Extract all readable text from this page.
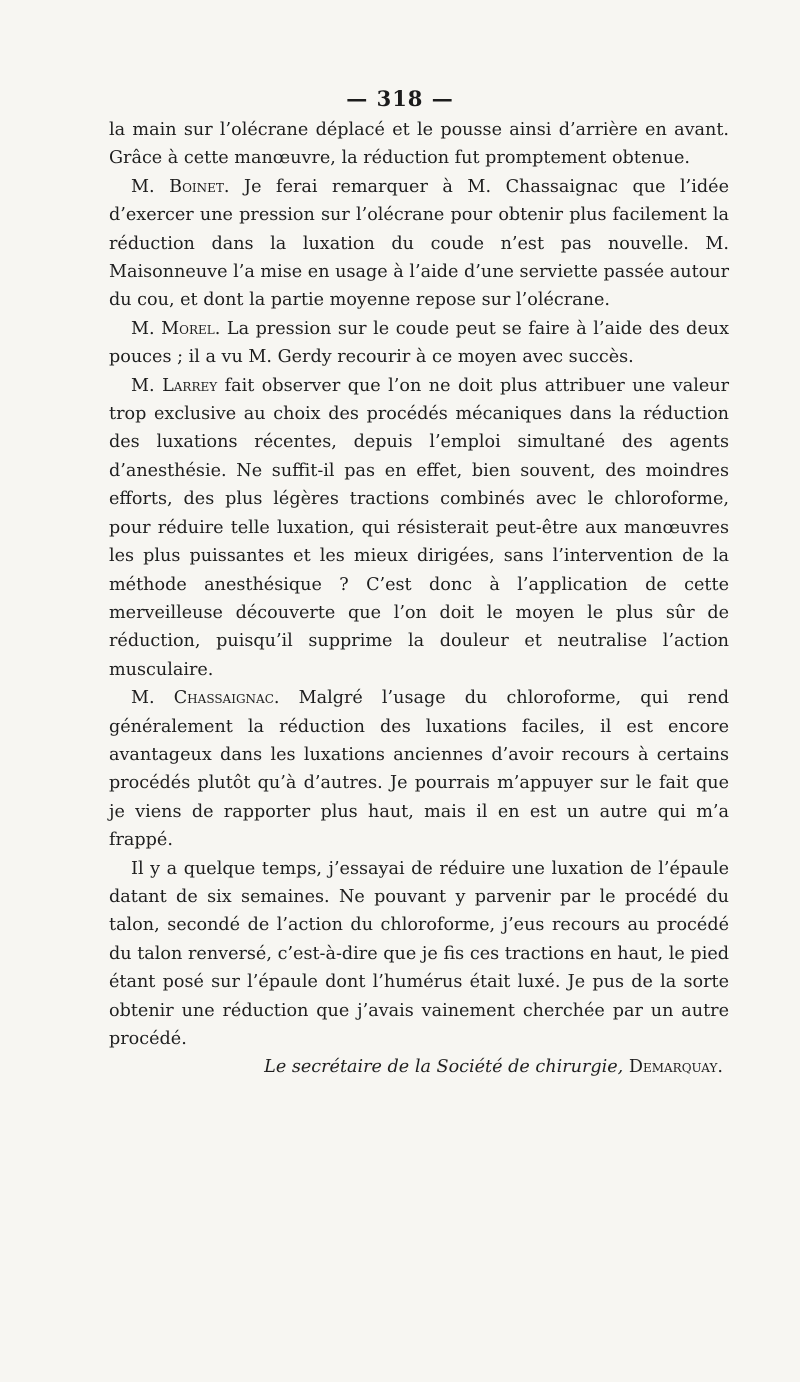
— 318 —

la main sur l’olécrane déplacé et le pousse ainsi d’arrière en avant. Grâce à cette manœuvre, la réduction fut promptement obtenue.

M. Boinet. Je ferai remarquer à M. Chassaignac que l’idée d’exercer une pression sur l’olécrane pour obtenir plus facilement la réduction dans la luxation du coude n’est pas nouvelle. M. Maisonneuve l’a mise en usage à l’aide d’une serviette passée autour du cou, et dont la partie moyenne repose sur l’olécrane.

M. Morel. La pression sur le coude peut se faire à l’aide des deux pouces ; il a vu M. Gerdy recourir à ce moyen avec succès.

M. Larrey fait observer que l’on ne doit plus attribuer une valeur trop exclusive au choix des procédés mécaniques dans la réduction des luxations récentes, depuis l’emploi simultané des agents d’anesthésie. Ne suffit-il pas en effet, bien souvent, des moindres efforts, des plus légères tractions combinés avec le chloroforme, pour réduire telle luxation, qui résisterait peut-être aux manœuvres les plus puissantes et les mieux dirigées, sans l’intervention de la méthode anesthésique ? C’est donc à l’application de cette merveilleuse découverte que l’on doit le moyen le plus sûr de réduction, puisqu’il supprime la douleur et neutralise l’action musculaire.

M. Chassaignac. Malgré l’usage du chloroforme, qui rend généralement la réduction des luxations faciles, il est encore avantageux dans les luxations anciennes d’avoir recours à certains procédés plutôt qu’à d’autres. Je pourrais m’appuyer sur le fait que je viens de rapporter plus haut, mais il en est un autre qui m’a frappé.

Il y a quelque temps, j’essayai de réduire une luxation de l’épaule datant de six semaines. Ne pouvant y parvenir par le procédé du talon, secondé de l’action du chloroforme, j’eus recours au procédé du talon renversé, c’est-à-dire que je fis ces tractions en haut, le pied étant posé sur l’épaule dont l’humérus était luxé. Je pus de la sorte obtenir une réduction que j’avais vainement cherchée par un autre procédé.

Le secrétaire de la Société de chirurgie, Demarquay.
